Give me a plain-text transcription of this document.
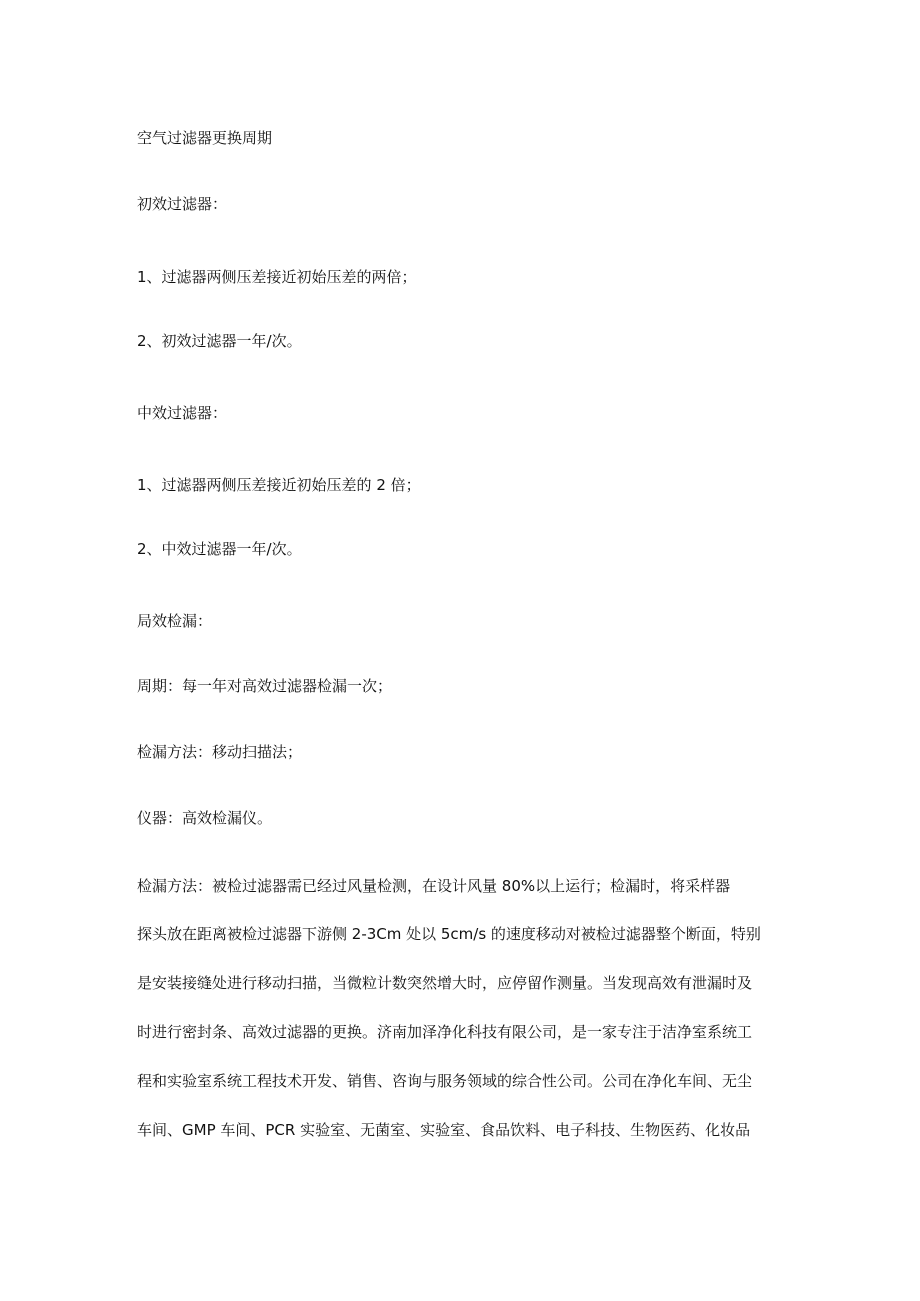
空气过滤器更换周期

初效过滤器：

1、过滤器两侧压差接近初始压差的两倍；

2、初效过滤器一年/次。

中效过滤器：

1、过滤器两侧压差接近初始压差的 2 倍；

2、中效过滤器一年/次。

局效检漏：

周期：每一年对高效过滤器检漏一次；

检漏方法：移动扫描法；

仪器：高效检漏仪。

检漏方法：被检过滤器需已经过风量检测，在设计风量 80%以上运行；检漏时，将采样器

探头放在距离被检过滤器下游侧 2-3Cm 处以 5cm/s 的速度移动对被检过滤器整个断面，特别

是安装接缝处进行移动扫描，当微粒计数突然增大时，应停留作测量。当发现高效有泄漏时及

时进行密封条、高效过滤器的更换。济南加泽净化科技有限公司，是一家专注于洁净室系统工

程和实验室系统工程技术开发、销售、咨询与服务领域的综合性公司。公司在净化车间、无尘

车间、GMP 车间、PCR 实验室、无菌室、实验室、食品饮料、电子科技、生物医药、化妆品
